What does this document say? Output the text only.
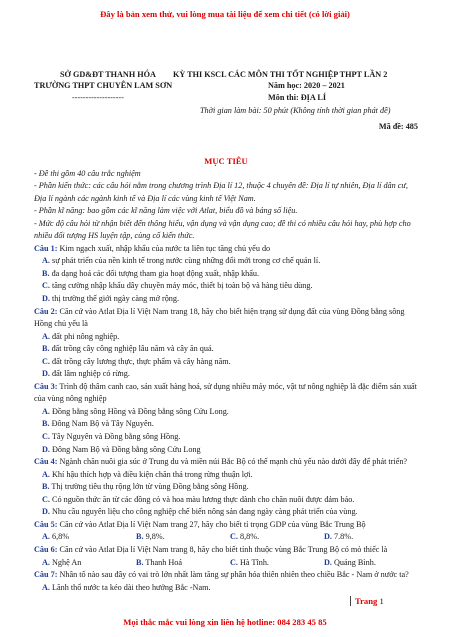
Đây là bản xem thử, vui lòng mua tài liệu để xem chi tiết (có lời giải)
SỞ GD&ĐT THANH HÓA
TRƯỜNG THPT CHUYÊN LAM SƠN
-------------------
KỲ THI KSCL CÁC MÔN THI TỐT NGHIỆP THPT LẦN 2
Năm học: 2020 – 2021
Môn thi: ĐỊA LÍ
Thời gian làm bài: 50 phút (Không tính thời gian phát đề)
Mã đề: 485

MỤC TIÊU

- Đề thi gồm 40 câu trắc nghiệm

- Phần kiến thức: các câu hỏi nằm trong chương trình Địa lí 12, thuộc 4 chuyên đề: Địa lí tự nhiên, Địa lí dân cư, Địa lí ngành các ngành kinh tế và Địa lí các vùng kinh tế Việt Nam.

- Phần kĩ năng: bao gồm các kĩ năng làm việc với Atlat, biểu đồ và bảng số liệu.

- Mức độ câu hỏi từ nhận biết đến thông hiểu, vận dụng và vận dụng cao; đề thi có nhiều câu hỏi hay, phù hợp cho nhiều đối tượng HS luyện tập, củng cố kiến thức.

Câu 1: Kim ngạch xuất, nhập khẩu của nước ta liên tục tăng chủ yếu do

A. sự phát triển của nền kinh tế trong nước cùng những đổi mới trong cơ chế quản lí.

B. đa dạng hoá các đối tượng tham gia hoạt động xuất, nhập khẩu.

C. tăng cường nhập khẩu dây chuyền máy móc, thiết bị toàn bộ và hàng tiêu dùng.

D. thị trường thế giới ngày càng mở rộng.

Câu 2: Căn cứ vào Atlat Địa lí Việt Nam trang 18, hãy cho biết hiện trạng sử dụng đất của vùng Đồng bằng sông Hồng chủ yếu là

A. đất phi nông nghiệp.

B. đất trồng cây công nghiệp lâu năm và cây ăn quả.

C. đất trồng cây lương thực, thực phẩm và cây hàng năm.

D. đất lâm nghiệp có rừng.

Câu 3: Trình độ thâm canh cao, sản xuất hàng hoá, sử dụng nhiều máy móc, vật tư nông nghiệp là đặc điểm sản xuất của vùng nông nghiệp

A. Đồng bằng sông Hồng và Đồng bằng sông Cửu Long.

B. Đông Nam Bộ và Tây Nguyên.

C. Tây Nguyên và Đồng bằng sông Hồng.

D. Đông Nam Bộ và Đồng bằng sông Cửu Long

Câu 4: Ngành chăn nuôi gia súc ở Trung du và miền núi Bắc Bộ có thế mạnh chủ yếu nào dưới đây để phát triển?

A. Khí hậu thích hợp và điều kiện chăn thả trong rừng thuận lợi.

B. Thị trường tiêu thụ rộng lớn từ vùng Đồng bằng sông Hồng.

C. Có nguồn thức ăn từ các đồng cỏ và hoa màu lương thực dành cho chăn nuôi được đảm bảo.

D. Nhu cầu nguyên liệu cho công nghiệp chế biến nông sản đang ngày càng phát triển của vùng.

Câu 5: Căn cứ vào Atlat Địa lí Việt Nam trang 27, hãy cho biết tỉ trọng GDP của vùng Bắc Trung Bộ

A. 6,8%	B. 9,8%.	C. 8,8%.	D. 7.8%.

Câu 6: Căn cứ vào Atlat Địa lí Việt Nam trang 8, hãy cho biết tỉnh thuộc vùng Bắc Trung Bộ có mỏ thiếc là

A. Nghệ An	B. Thanh Hoá	C. Hà Tĩnh.	D. Quảng Bình.

Câu 7: Nhân tố nào sau đây có vai trò lớn nhất làm tăng sự phân hóa thiên nhiên theo chiều Bắc - Nam ở nước ta?

A. Lãnh thổ nước ta kéo dài theo hướng Bắc -Nam.

Trang 1
Mọi thắc mắc vui lòng xin liên hệ hotline: 084 283 45 85
